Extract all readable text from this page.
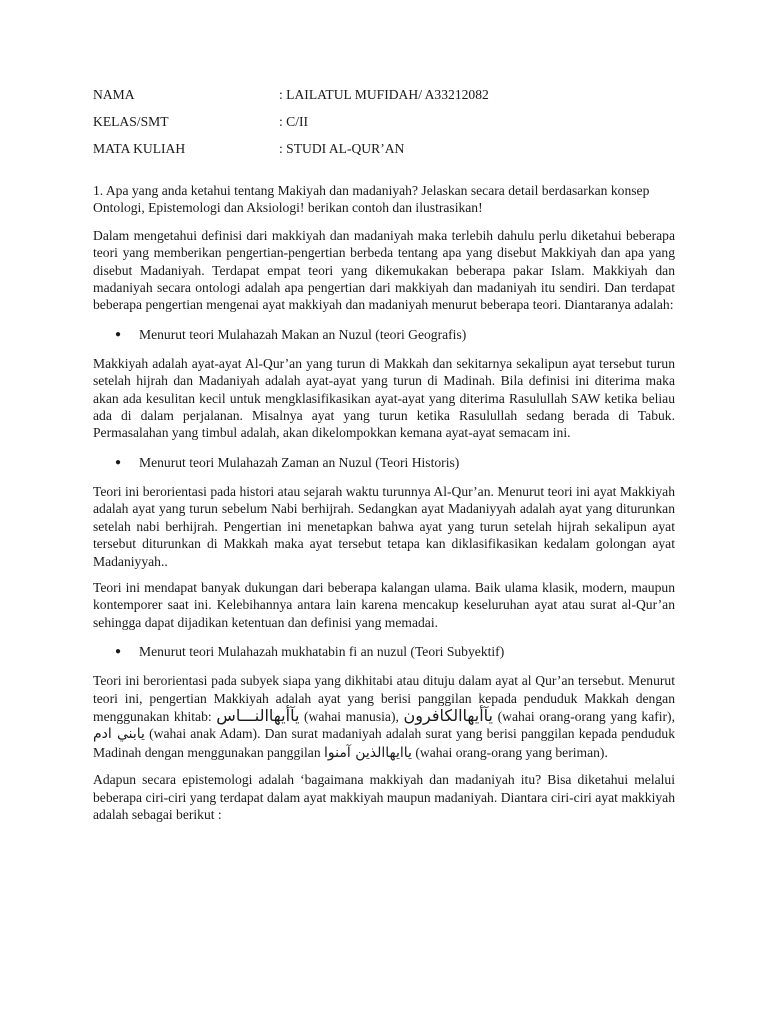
NAMA	: LAILATUL MUFIDAH/ A33212082
KELAS/SMT	: C/II
MATA KULIAH	: STUDI AL-QUR’AN

1. Apa yang anda ketahui tentang Makiyah dan madaniyah? Jelaskan secara detail berdasarkan konsep Ontologi, Epistemologi dan Aksiologi! berikan contoh dan ilustrasikan!

Dalam mengetahui definisi dari makkiyah dan madaniyah maka terlebih dahulu perlu diketahui beberapa teori yang memberikan pengertian-pengertian berbeda tentang apa yang disebut Makkiyah dan apa yang disebut Madaniyah. Terdapat empat teori yang dikemukakan beberapa pakar Islam. Makkiyah dan madaniyah secara ontologi adalah apa pengertian dari makkiyah dan madaniyah itu sendiri. Dan terdapat beberapa pengertian mengenai ayat makkiyah dan madaniyah menurut beberapa teori. Diantaranya adalah:

●	Menurut teori Mulahazah Makan an Nuzul (teori Geografis)

Makkiyah adalah ayat-ayat Al-Qur’an yang turun di Makkah dan sekitarnya sekalipun ayat tersebut turun setelah hijrah dan Madaniyah adalah ayat-ayat yang turun di Madinah. Bila definisi ini diterima maka akan ada kesulitan kecil untuk mengklasifikasikan ayat-ayat yang diterima Rasulullah SAW ketika beliau ada di dalam perjalanan. Misalnya ayat yang turun ketika Rasulullah sedang berada di Tabuk. Permasalahan yang timbul adalah, akan dikelompokkan kemana ayat-ayat semacam ini.

●	Menurut teori Mulahazah Zaman an Nuzul (Teori Historis)

Teori ini berorientasi pada histori atau sejarah waktu turunnya Al-Qur’an. Menurut teori ini ayat Makkiyah adalah ayat yang turun sebelum Nabi berhijrah. Sedangkan ayat Madaniyyah adalah ayat yang diturunkan setelah nabi berhijrah. Pengertian ini menetapkan bahwa ayat yang turun setelah hijrah sekalipun ayat tersebut diturunkan di Makkah maka ayat tersebut tetapa kan diklasifikasikan kedalam golongan ayat Madaniyyah..

Teori ini mendapat banyak dukungan dari beberapa kalangan ulama. Baik ulama klasik, modern, maupun kontemporer saat ini. Kelebihannya antara lain karena mencakup keseluruhan ayat atau surat al-Qur’an sehingga dapat dijadikan ketentuan dan definisi yang memadai.

●	Menurut teori Mulahazah mukhatabin fi an nuzul (Teori Subyektif)

Teori ini berorientasi pada subyek siapa yang dikhitabi atau dituju dalam ayat al Qur’an tersebut. Menurut teori ini, pengertian Makkiyah adalah ayat yang berisi panggilan kepada penduduk Makkah dengan menggunakan khitab: يآأيهاالنـــاس (wahai manusia), يآأيهاالكافرون (wahai orang-orang yang kafir), يابني ادم (wahai anak Adam). Dan surat madaniyah adalah surat yang berisi panggilan kepada penduduk Madinah dengan menggunakan panggilan ياايهاالذين آمنوا (wahai orang-orang yang beriman).

Adapun secara epistemologi adalah ‘bagaimana makkiyah dan madaniyah itu? Bisa diketahui melalui beberapa ciri-ciri yang terdapat dalam ayat makkiyah maupun madaniyah. Diantara ciri-ciri ayat makkiyah adalah sebagai berikut :
